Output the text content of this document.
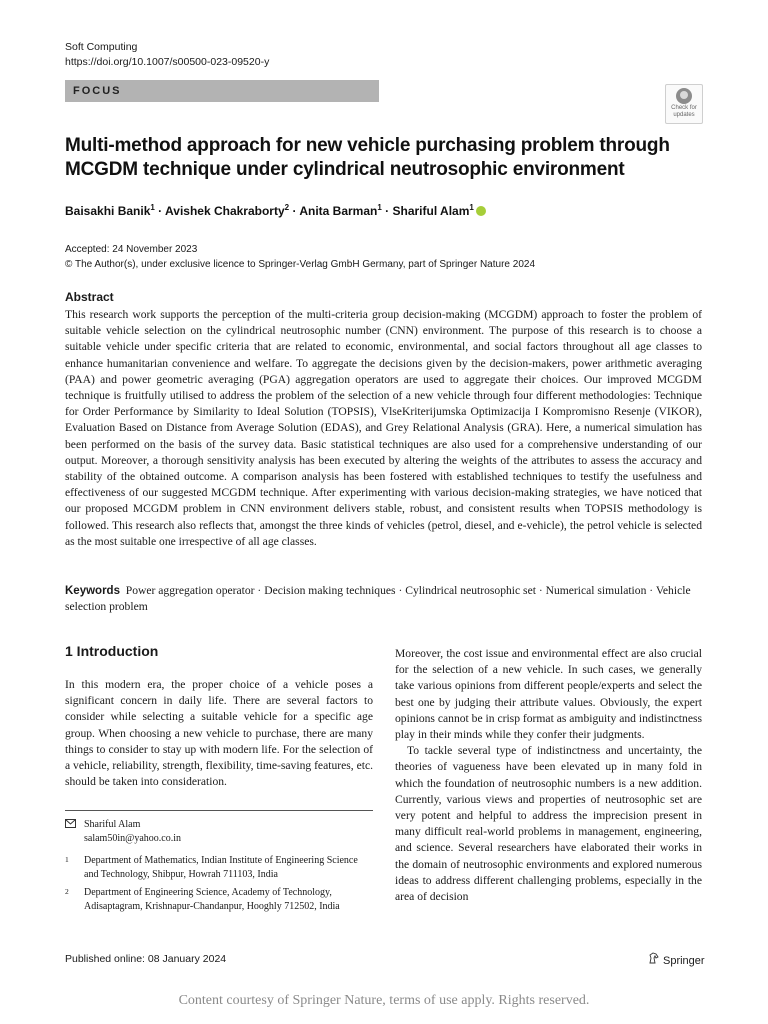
Soft Computing
https://doi.org/10.1007/s00500-023-09520-y
FOCUS
Check for
updates
Multi-method approach for new vehicle purchasing problem through MCGDM technique under cylindrical neutrosophic environment
Baisakhi Banik$^1$ · Avishek Chakraborty$^2$ · Anita Barman$^1$ · Shariful Alam$^1$
Accepted: 24 November 2023
© The Author(s), under exclusive licence to Springer-Verlag GmbH Germany, part of Springer Nature 2024
Abstract
This research work supports the perception of the multi-criteria group decision-making (MCGDM) approach to foster the problem of suitable vehicle selection on the cylindrical neutrosophic number (CNN) environment. The purpose of this research is to choose a suitable vehicle under specific criteria that are related to economic, environmental, and social factors throughout all age classes to enhance humanitarian convenience and welfare. To aggregate the decisions given by the decision-makers, power arithmetic averaging (PAA) and power geometric averaging (PGA) aggregation operators are used to aggregate their choices. Our improved MCGDM technique is fruitfully utilised to address the problem of the selection of a new vehicle through four different methodologies: Technique for Order Performance by Similarity to Ideal Solution (TOPSIS), VlseKriterijumska Optimizacija I Kompromisno Resenje (VIKOR), Evaluation Based on Distance from Average Solution (EDAS), and Grey Relational Analysis (GRA). Here, a numerical simulation has been performed on the basis of the survey data. Basic statistical techniques are also used for a comprehensive understanding of our output. Moreover, a thorough sensitivity analysis has been executed by altering the weights of the attributes to assess the accuracy and stability of the obtained outcome. A comparison analysis has been fostered with established techniques to testify the usefulness and effectiveness of our suggested MCGDM technique. After experimenting with various decision-making strategies, we have noticed that our proposed MCGDM problem in CNN environment delivers stable, robust, and consistent results when TOPSIS methodology is followed. This research also reflects that, amongst the three kinds of vehicles (petrol, diesel, and e-vehicle), the petrol vehicle is selected as the most suitable one irrespective of all age classes.
Keywords Power aggregation operator · Decision making techniques · Cylindrical neutrosophic set · Numerical simulation · Vehicle selection problem
1 Introduction
In this modern era, the proper choice of a vehicle poses a significant concern in daily life. There are several factors to consider while selecting a suitable vehicle for a specific age group. When choosing a new vehicle to purchase, there are many things to consider to stay up with modern life. For the selection of a vehicle, reliability, strength, flexibility, time-saving features, etc. should be taken into consideration.

Moreover, the cost issue and environmental effect are also crucial for the selection of a new vehicle. In such cases, we generally take various opinions from different people/experts and select the best one by judging their attribute values. Obviously, the expert opinions cannot be in crisp format as ambiguity and indistinctness play in their minds while they confer their judgments.

To tackle several type of indistinctness and uncertainty, the theories of vagueness have been elevated up in many fold in which the foundation of neutrosophic numbers is a new addition. Currently, various views and properties of neutrosophic set are very potent and helpful to address the imprecision present in many difficult real-world problems in management, engineering, and science. Several researchers have elaborated their works in the domain of neutrosophic environments and explored numerous ideas to address different challenging problems, especially in the area of decision

Shariful Alam
salam50in@yahoo.co.in
1 Department of Mathematics, Indian Institute of Engineering Science and Technology, Shibpur, Howrah 711103, India
2 Department of Engineering Science, Academy of Technology, Adisaptagram, Krishnapur-Chandanpur, Hooghly 712502, India
Published online: 08 January 2024	Springer
Content courtesy of Springer Nature, terms of use apply. Rights reserved.
